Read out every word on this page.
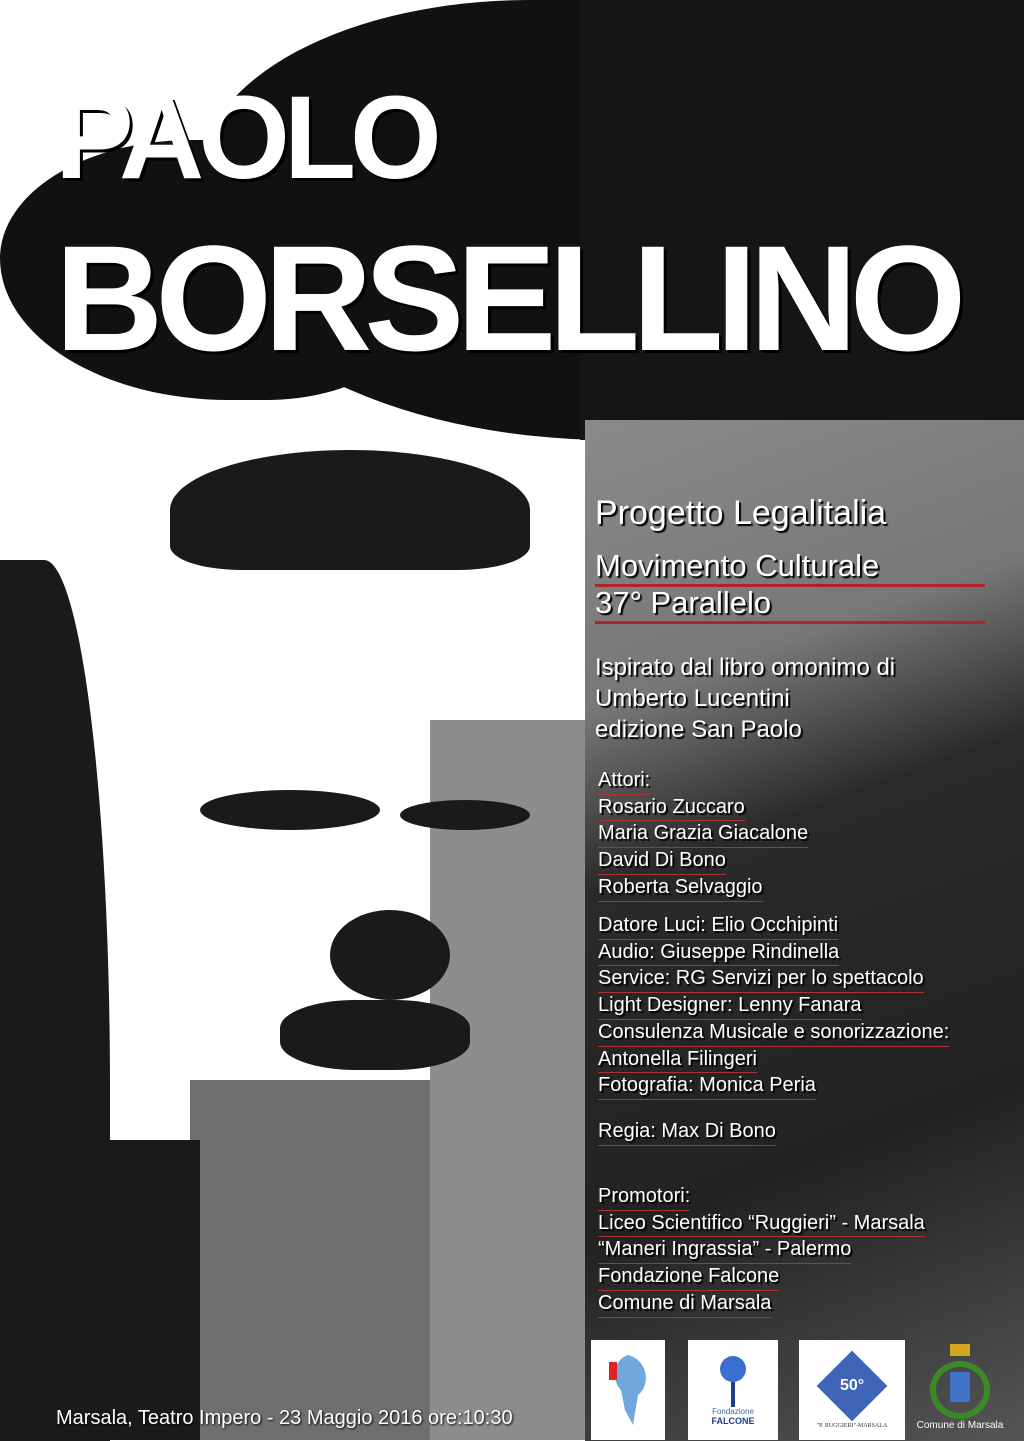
PAOLO
BORSELLINO
Progetto Legalitalia
Movimento Culturale
37° Parallelo
Ispirato dal libro omonimo di
Umberto Lucentini
edizione San Paolo
Attori:
Rosario Zuccaro
Maria Grazia Giacalone
David Di Bono
Roberta Selvaggio
Datore Luci: Elio Occhipinti
Audio: Giuseppe Rindinella
Service: RG Servizi per lo spettacolo
Light Designer: Lenny Fanara
Consulenza Musicale e sonorizzazione:
Antonella Filingeri
Fotografia: Monica Peria
Regia: Max Di Bono
Promotori:
Liceo Scientifico “Ruggieri” - Marsala
“Maneri Ingrassia” - Palermo
Fondazione Falcone
Comune di Marsala
Fondazione
FALCONE
50°
"P. RUGGIERI"-MARSALA	Comune di Marsala
Marsala, Teatro Impero - 23 Maggio 2016 ore:10:30
